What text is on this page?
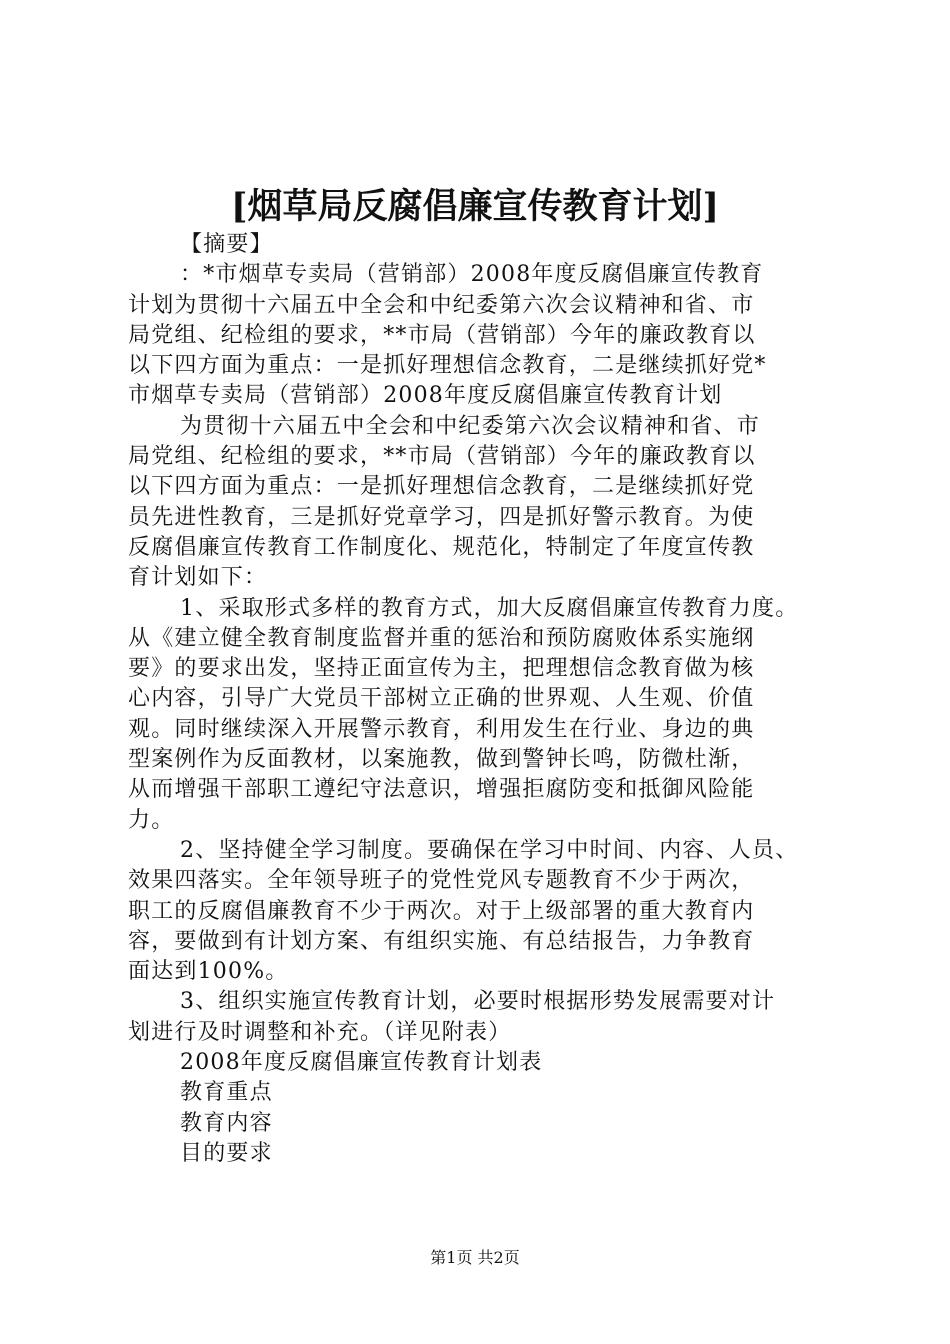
[烟草局反腐倡廉宣传教育计划]
【摘要】
：*市烟草专卖局（营销部）2008年度反腐倡廉宣传教育
计划为贯彻十六届五中全会和中纪委第六次会议精神和省、市
局党组、纪检组的要求，**市局（营销部）今年的廉政教育以
以下四方面为重点：一是抓好理想信念教育，二是继续抓好党*
市烟草专卖局（营销部）2008年度反腐倡廉宣传教育计划
为贯彻十六届五中全会和中纪委第六次会议精神和省、市
局党组、纪检组的要求，**市局（营销部）今年的廉政教育以
以下四方面为重点：一是抓好理想信念教育，二是继续抓好党
员先进性教育，三是抓好党章学习，四是抓好警示教育。为使
反腐倡廉宣传教育工作制度化、规范化，特制定了年度宣传教
育计划如下：
1、采取形式多样的教育方式，加大反腐倡廉宣传教育力度。
从《建立健全教育制度监督并重的惩治和预防腐败体系实施纲
要》的要求出发，坚持正面宣传为主，把理想信念教育做为核
心内容，引导广大党员干部树立正确的世界观、人生观、价值
观。同时继续深入开展警示教育，利用发生在行业、身边的典
型案例作为反面教材，以案施教，做到警钟长鸣，防微杜渐，
从而增强干部职工遵纪守法意识，增强拒腐防变和抵御风险能
力。
2、坚持健全学习制度。要确保在学习中时间、内容、人员、
效果四落实。全年领导班子的党性党风专题教育不少于两次，
职工的反腐倡廉教育不少于两次。对于上级部署的重大教育内
容，要做到有计划方案、有组织实施、有总结报告，力争教育
面达到100%。
3、组织实施宣传教育计划，必要时根据形势发展需要对计
划进行及时调整和补充。（详见附表）
2008年度反腐倡廉宣传教育计划表
教育重点
教育内容
目的要求
第1页 共2页
